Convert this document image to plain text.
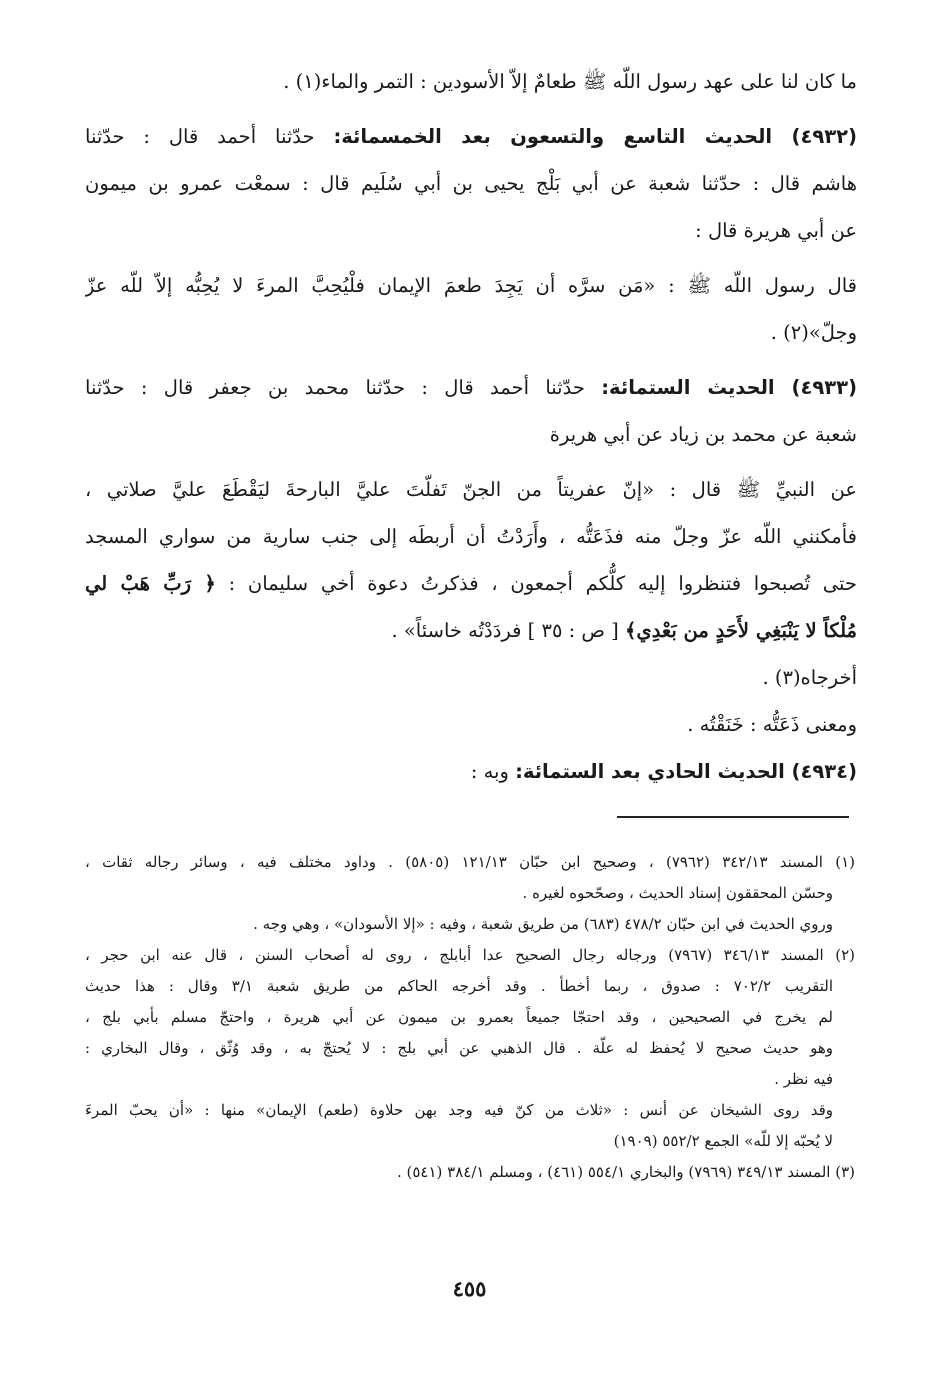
ما كان لنا على عهد رسول اللّه ﷺ طعامٌ إلاّ الأسودين : التمر والماء(١) .
(٤٩٣٢) الحديث التاسع والتسعون بعد الخمسمائة: حدّثنا أحمد قال : حدّثنا
هاشم قال : حدّثنا شعبة عن أبي بَلْج يحيى بن أبي سُلَيم قال : سمعْت عمرو بن ميمون
عن أبي هريرة قال :
قال رسول اللّه ﷺ : «مَن سرَّه أن يَجِدَ طعمَ الإيمان فلْيُحِبَّ المرءَ لا يُحِبُّه إلاّ للّه عزّ
وجلّ»(٢) .
(٤٩٣٣) الحديث الستمائة: حدّثنا أحمد قال : حدّثنا محمد بن جعفر قال : حدّثنا
شعبة عن محمد بن زياد عن أبي هريرة
عن النبيِّ ﷺ قال : «إنّ عفريتاً من الجنّ تَفلّتَ عليَّ البارحةَ ليَقْطَعَ عليَّ صلاتي ،
فأمكنني اللّه عزّ وجلّ منه فذَعَتُّه ، وأَرَدْتُ أن أربطَه إلى جنب سارية من سواري المسجد
حتى تُصبحوا فتنظروا إليه كلُّكم أجمعون ، فذكرتُ دعوة أخي سليمان : ﴿ رَبِّ هَبْ لي
مُلْكاً لا يَنْبَغِي لأَحَدٍ من بَعْدِي﴾ [ ص : ٣٥ ] فردَدْتُه خاسئاً» .
أخرجاه(٣) .
ومعنى ذَعَتُّه : خَنَقْتُه .
(٤٩٣٤) الحديث الحادي بعد الستمائة: وبه :
(١) المسند ٣٤٢/١٣ (٧٩٦٢) ، وصحيح ابن حبّان ١٢١/١٣ (٥٨٠٥) . وداود مختلف فيه ، وسائر رجاله ثقات ،
وحسّن المحققون إسناد الحديث ، وصحّحوه لغيره .
وروي الحديث في ابن حبّان ٤٧٨/٢ (٦٨٣) من طريق شعبة ، وفيه : «إلا الأسودان» ، وهي وجه .
(٢) المسند ٣٤٦/١٣ (٧٩٦٧) ورجاله رجال الصحيح عدا أبابلج ، روى له أصحاب السنن ، قال عنه ابن حجر ،
التقريب ٧٠٢/٢ : صدوق ، ربما أخطأ . وقد أخرجه الحاكم من طريق شعبة ٣/١ وقال : هذا حديث
لم يخرج في الصحيحين ، وقد احتجّا جميعاً بعمرو بن ميمون عن أبي هريرة ، واحتجّ مسلم بأبي بلج ،
وهو حديث صحيح لا يُحفظ له علّة . قال الذهبي عن أبي بلج : لا يُحتجّ به ، وقد وُثّق ، وقال البخاري :
فيه نظر .
وقد روى الشيخان عن أنس : «ثلاث من كنّ فيه وجد بهن حلاوة (طعم) الإيمان» منها : «أن يحبّ المرءَ
لا يُحبّه إلا للّه» الجمع ٥٥٢/٢ (١٩٠٩)
(٣) المسند ٣٤٩/١٣ (٧٩٦٩) والبخاري ٥٥٤/١ (٤٦١) ، ومسلم ٣٨٤/١ (٥٤١) .
٤٥٥
